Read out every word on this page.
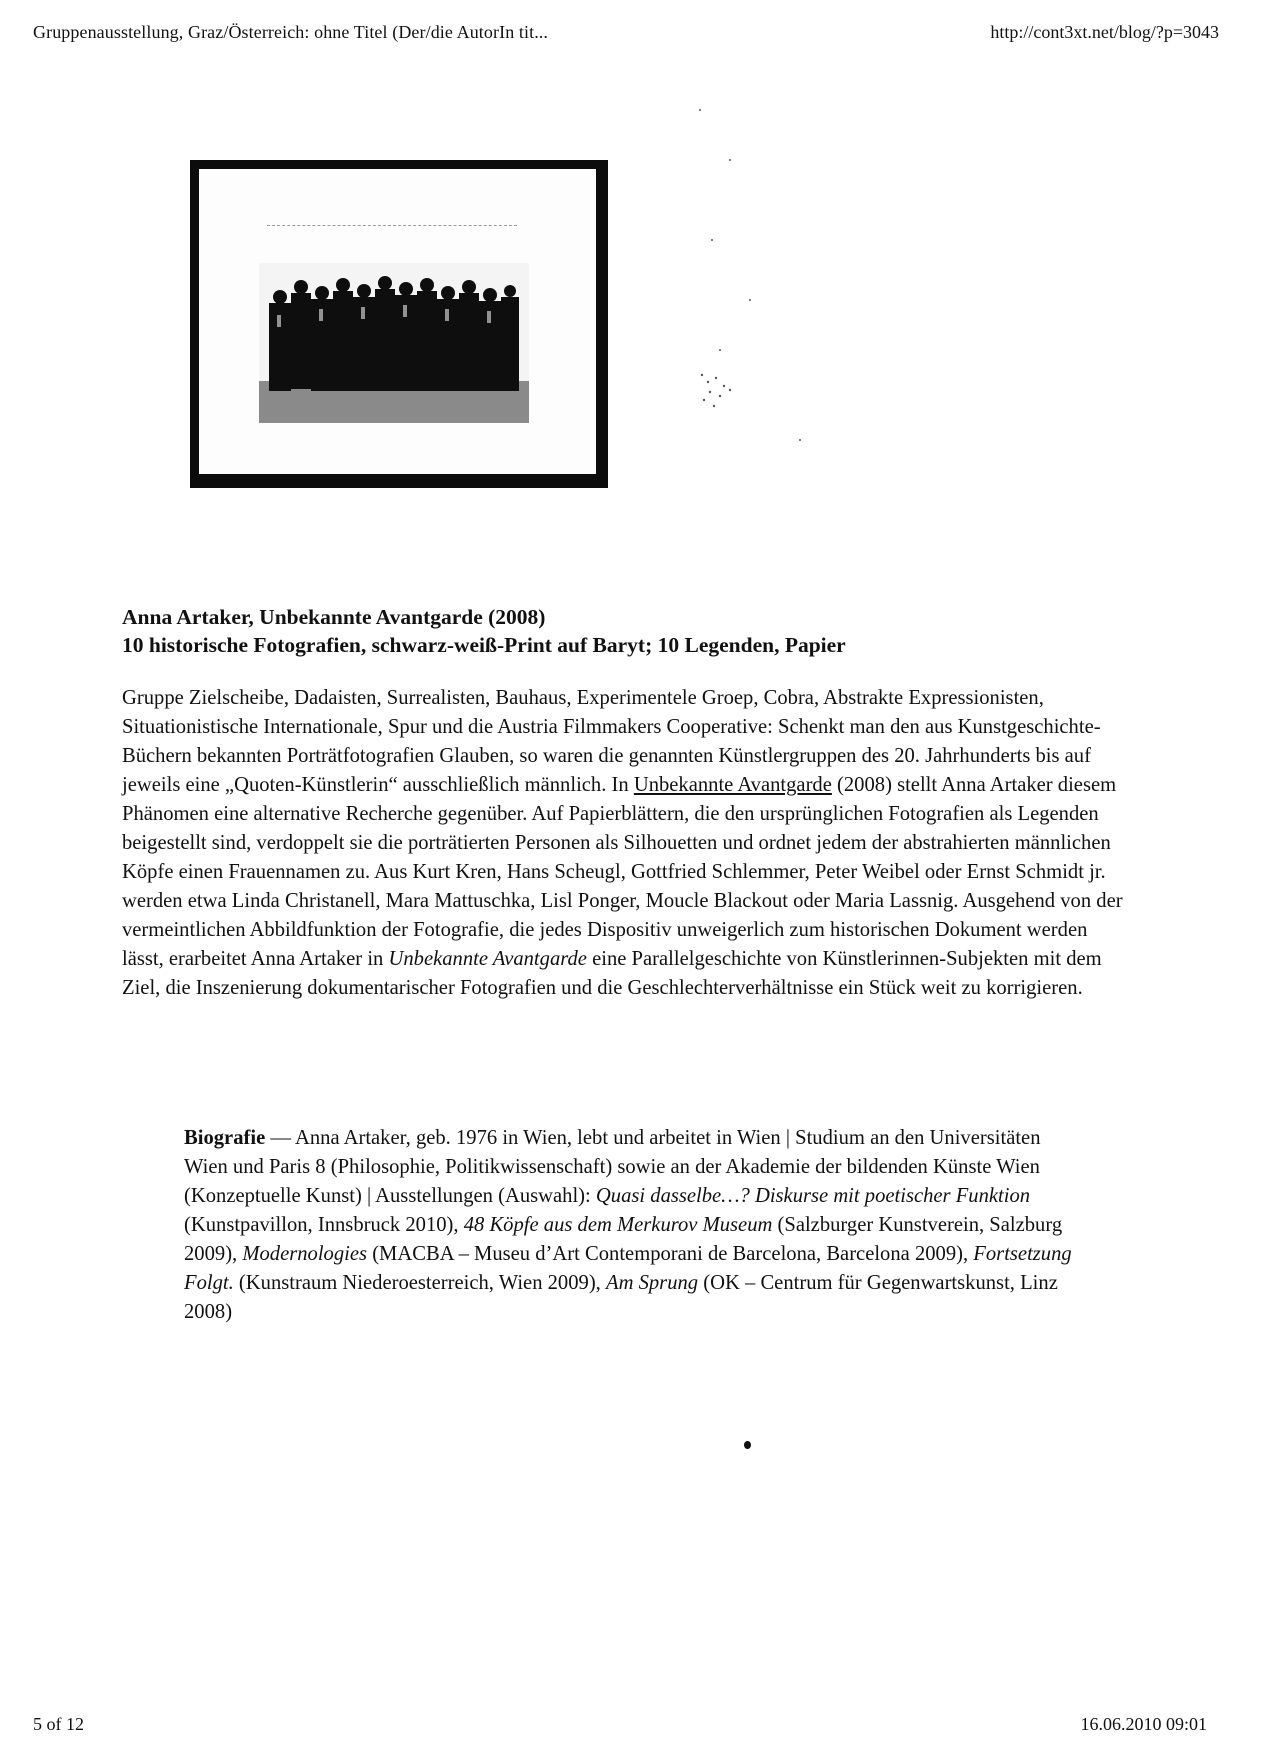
Gruppenausstellung, Graz/Österreich: ohne Titel (Der/die AutorIn tit...	http://cont3xt.net/blog/?p=3043
Anna Artaker, Unbekannte Avantgarde (2008)
10 historische Fotografien, schwarz-weiß-Print auf Baryt; 10 Legenden, Papier

Gruppe Zielscheibe, Dadaisten, Surrealisten, Bauhaus, Experimentele Groep, Cobra, Abstrakte Expressionisten, Situationistische Internationale, Spur und die Austria Filmmakers Cooperative: Schenkt man den aus Kunstgeschichte-Büchern bekannten Porträtfotografien Glauben, so waren die genannten Künstlergruppen des 20. Jahrhunderts bis auf jeweils eine „Quoten-Künstlerin“ ausschließlich männlich. In Unbekannte Avantgarde (2008) stellt Anna Artaker diesem Phänomen eine alternative Recherche gegenüber. Auf Papierblättern, die den ursprünglichen Fotografien als Legenden beigestellt sind, verdoppelt sie die porträtierten Personen als Silhouetten und ordnet jedem der abstrahierten männlichen Köpfe einen Frauennamen zu. Aus Kurt Kren, Hans Scheugl, Gottfried Schlemmer, Peter Weibel oder Ernst Schmidt jr. werden etwa Linda Christanell, Mara Mattuschka, Lisl Ponger, Moucle Blackout oder Maria Lassnig. Ausgehend von der vermeintlichen Abbildfunktion der Fotografie, die jedes Dispositiv unweigerlich zum historischen Dokument werden lässt, erarbeitet Anna Artaker in Unbekannte Avantgarde eine Parallelgeschichte von Künstlerinnen-Subjekten mit dem Ziel, die Inszenierung dokumentarischer Fotografien und die Geschlechterverhältnisse ein Stück weit zu korrigieren.

Biografie — Anna Artaker, geb. 1976 in Wien, lebt und arbeitet in Wien | Studium an den Universitäten Wien und Paris 8 (Philosophie, Politikwissenschaft) sowie an der Akademie der bildenden Künste Wien (Konzeptuelle Kunst) | Ausstellungen (Auswahl): Quasi dasselbe…? Diskurse mit poetischer Funktion (Kunstpavillon, Innsbruck 2010), 48 Köpfe aus dem Merkurov Museum (Salzburger Kunstverein, Salzburg 2009), Modernologies (MACBA – Museu d’Art Contemporani de Barcelona, Barcelona 2009), Fortsetzung Folgt. (Kunstraum Niederoesterreich, Wien 2009), Am Sprung (OK – Centrum für Gegenwartskunst, Linz 2008)

5 of 12	16.06.2010 09:01
